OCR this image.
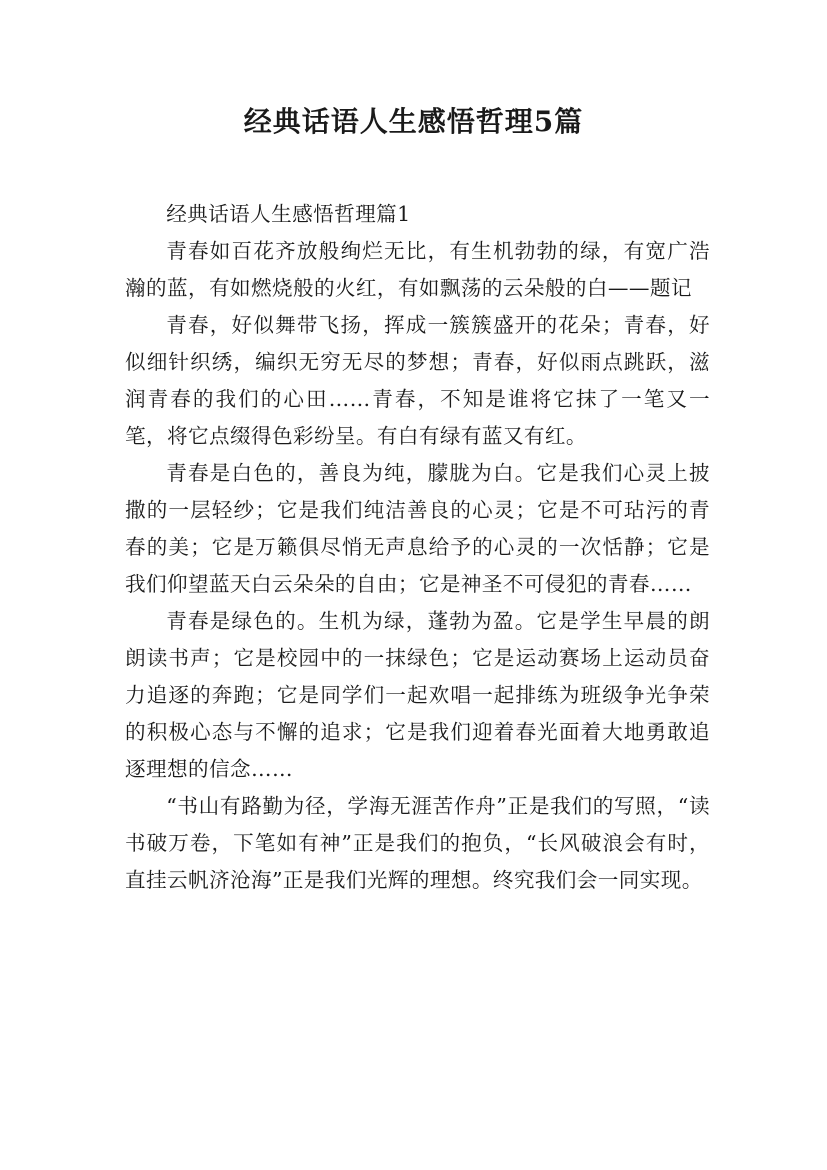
经典话语人生感悟哲理5篇

经典话语人生感悟哲理篇1

青春如百花齐放般绚烂无比，有生机勃勃的绿，有宽广浩瀚的蓝，有如燃烧般的火红，有如飘荡的云朵般的白——题记

青春，好似舞带飞扬，挥成一簇簇盛开的花朵；青春，好似细针织绣，编织无穷无尽的梦想；青春，好似雨点跳跃，滋润青春的我们的心田……青春，不知是谁将它抹了一笔又一笔，将它点缀得色彩纷呈。有白有绿有蓝又有红。

青春是白色的，善良为纯，朦胧为白。它是我们心灵上披撒的一层轻纱；它是我们纯洁善良的心灵；它是不可玷污的青春的美；它是万籁俱尽悄无声息给予的心灵的一次恬静；它是我们仰望蓝天白云朵朵的自由；它是神圣不可侵犯的青春……

青春是绿色的。生机为绿，蓬勃为盈。它是学生早晨的朗朗读书声；它是校园中的一抹绿色；它是运动赛场上运动员奋力追逐的奔跑；它是同学们一起欢唱一起排练为班级争光争荣的积极心态与不懈的追求；它是我们迎着春光面着大地勇敢追逐理想的信念……

“书山有路勤为径，学海无涯苦作舟”正是我们的写照，“读书破万卷，下笔如有神”正是我们的抱负，“长风破浪会有时，直挂云帆济沧海”正是我们光辉的理想。终究我们会一同实现。
